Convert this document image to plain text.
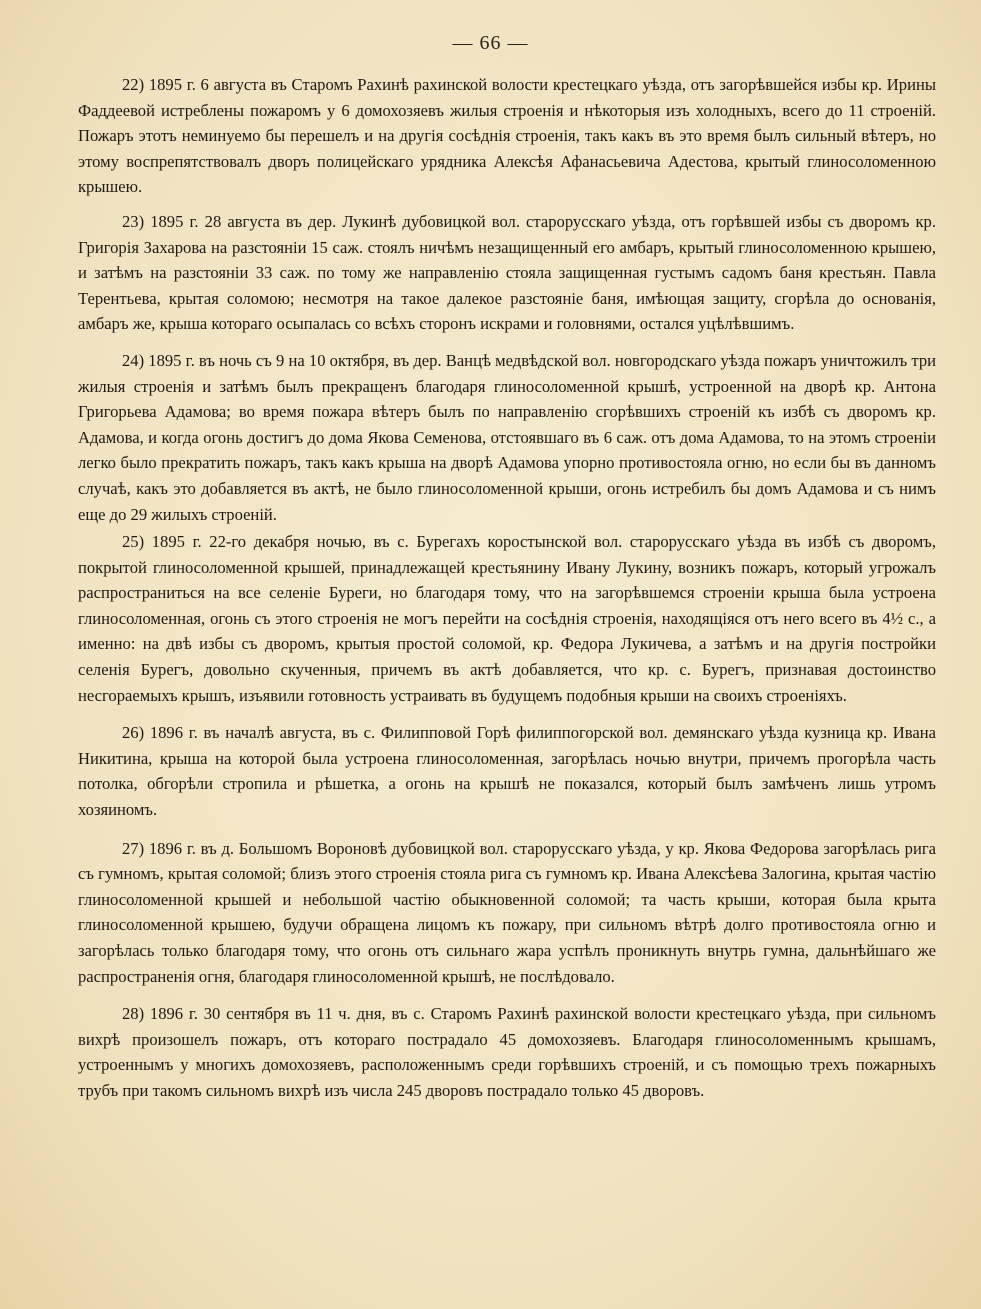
— 66 —

22) 1895 г. 6 августа въ Старомъ Рахинѣ рахинской волости крестецкаго уѣзда, отъ загорѣвшейся избы кр. Ирины Фаддеевой истреблены пожаромъ у 6 домохозяевъ жилыя строенія и нѣкоторыя изъ холодныхъ, всего до 11 строеній. Пожаръ этотъ неминуемо бы перешелъ и на другія сосѣднія строенія, такъ какъ въ это время былъ сильный вѣтеръ, но этому воспрепятствовалъ дворъ полицейскаго урядника Алексѣя Афанасьевича Адестова, крытый глиносоломенною крышею.

23) 1895 г. 28 августа въ дер. Лукинѣ дубовицкой вол. старорусскаго уѣзда, отъ горѣвшей избы съ дворомъ кр. Григорія Захарова на разстояніи 15 саж. стоялъ ничѣмъ незащищенный его амбаръ, крытый глиносоломенною крышею, и затѣмъ на разстояніи 33 саж. по тому же направленію стояла защищенная густымъ садомъ баня крестьян. Павла Терентьева, крытая соломою; несмотря на такое далекое разстояніе баня, имѣющая защиту, сгорѣла до основанія, амбаръ же, крыша котораго осыпалась со всѣхъ сторонъ искрами и головнями, остался уцѣлѣвшимъ.

24) 1895 г. въ ночь съ 9 на 10 октября, въ дер. Ванцѣ медвѣдской вол. новгородскаго уѣзда пожаръ уничтожилъ три жилыя строенія и затѣмъ былъ прекращенъ благодаря глиносоломенной крышѣ, устроенной на дворѣ кр. Антона Григорьева Адамова; во время пожара вѣтеръ былъ по направленію сгорѣвшихъ строеній къ избѣ съ дворомъ кр. Адамова, и когда огонь достигъ до дома Якова Семенова, отстоявшаго въ 6 саж. отъ дома Адамова, то на этомъ строеніи легко было прекратить пожаръ, такъ какъ крыша на дворѣ Адамова упорно противостояла огню, но если бы въ данномъ случаѣ, какъ это добавляется въ актѣ, не было глиносоломенной крыши, огонь истребилъ бы домъ Адамова и съ нимъ еще до 29 жилыхъ строеній.

25) 1895 г. 22-го декабря ночью, въ с. Бурегахъ коростынской вол. старорусскаго уѣзда въ избѣ съ дворомъ, покрытой глиносоломенной крышей, принадлежащей крестьянину Ивану Лукину, возникъ пожаръ, который угрожалъ распространиться на все селеніе Буреги, но благодаря тому, что на загорѣвшемся строеніи крыша была устроена глиносоломенная, огонь съ этого строенія не могъ перейти на сосѣднія строенія, находящіяся отъ него всего въ 4½ с., а именно: на двѣ избы съ дворомъ, крытыя простой соломой, кр. Федора Лукичева, а затѣмъ и на другія постройки селенія Бурегъ, довольно скученныя, причемъ въ актѣ добавляется, что кр. с. Бурегъ, признавая достоинство несгораемыхъ крышъ, изъявили готовность устраивать въ будущемъ подобныя крыши на своихъ строеніяхъ.

26) 1896 г. въ началѣ августа, въ с. Филипповой Горѣ филиппогорской вол. демянскаго уѣзда кузница кр. Ивана Никитина, крыша на которой была устроена глиносоломенная, загорѣлась ночью внутри, причемъ прогорѣла часть потолка, обгорѣли стропила и рѣшетка, а огонь на крышѣ не показался, который былъ замѣченъ лишь утромъ хозяиномъ.

27) 1896 г. въ д. Большомъ Вороновѣ дубовицкой вол. старорусскаго уѣзда, у кр. Якова Федорова загорѣлась рига съ гумномъ, крытая соломой; близъ этого строенія стояла рига съ гумномъ кр. Ивана Алексѣева Залогина, крытая частію глиносоломенной крышей и небольшой частію обыкновенной соломой; та часть крыши, которая была крыта глиносоломенной крышею, будучи обращена лицомъ къ пожару, при сильномъ вѣтрѣ долго противостояла огню и загорѣлась только благодаря тому, что огонь отъ сильнаго жара успѣлъ проникнуть внутрь гумна, дальнѣйшаго же распространенія огня, благодаря глиносоломенной крышѣ, не послѣдовало.

28) 1896 г. 30 сентября въ 11 ч. дня, въ с. Старомъ Рахинѣ рахинской волости крестецкаго уѣзда, при сильномъ вихрѣ произошелъ пожаръ, отъ котораго пострадало 45 домохозяевъ. Благодаря глиносоломеннымъ крышамъ, устроеннымъ у многихъ домохозяевъ, расположеннымъ среди горѣвшихъ строеній, и съ помощью трехъ пожарныхъ трубъ при такомъ сильномъ вихрѣ изъ числа 245 дворовъ пострадало только 45 дворовъ.
